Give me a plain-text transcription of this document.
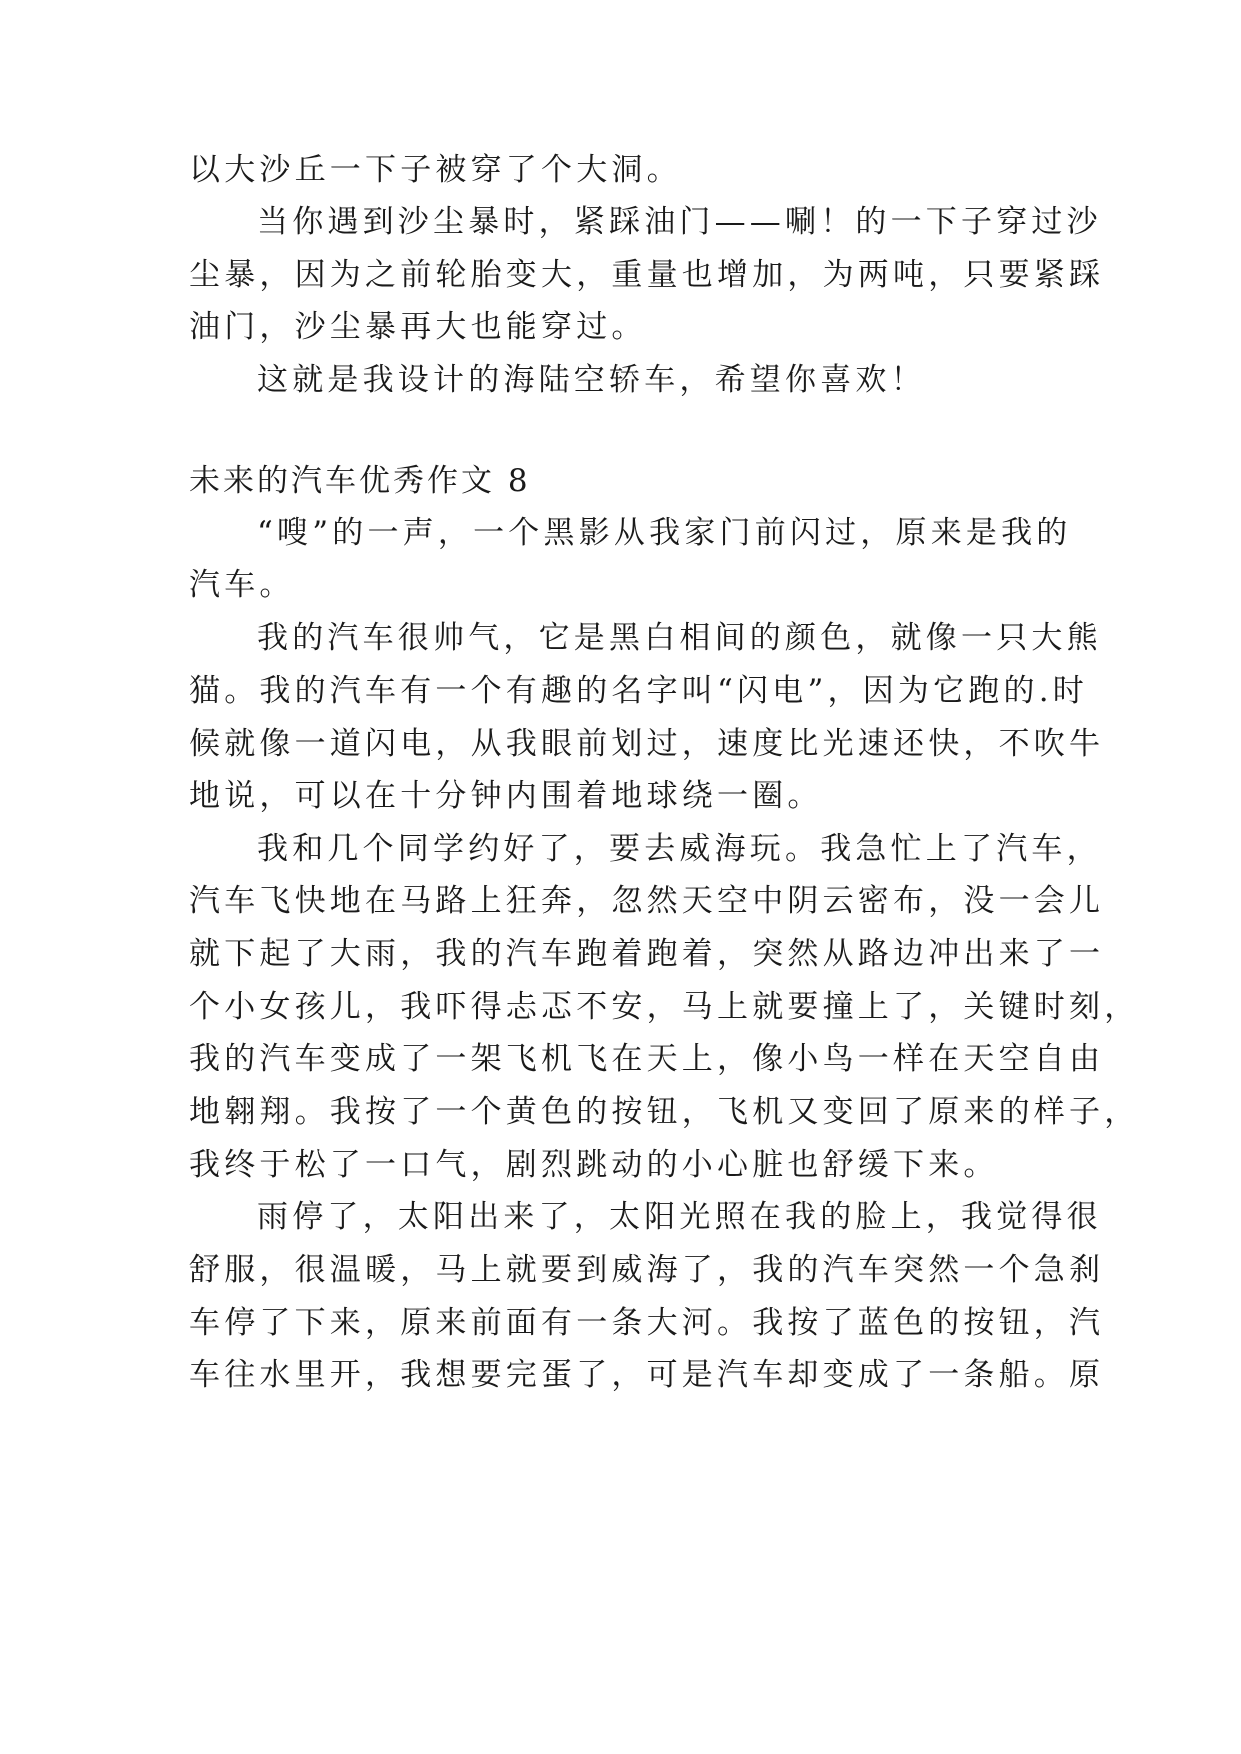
以大沙丘一下子被穿了个大洞。
当你遇到沙尘暴时，紧踩油门——唰！的一下子穿过沙
尘暴，因为之前轮胎变大，重量也增加，为两吨，只要紧踩
油门，沙尘暴再大也能穿过。
这就是我设计的海陆空轿车，希望你喜欢！
未来的汽车优秀作文 8
“嗖”的一声，一个黑影从我家门前闪过，原来是我的
汽车。
我的汽车很帅气，它是黑白相间的颜色，就像一只大熊
猫。我的汽车有一个有趣的名字叫“闪电”，因为它跑的.时
候就像一道闪电，从我眼前划过，速度比光速还快，不吹牛
地说，可以在十分钟内围着地球绕一圈。
我和几个同学约好了，要去威海玩。我急忙上了汽车，
汽车飞快地在马路上狂奔，忽然天空中阴云密布，没一会儿
就下起了大雨，我的汽车跑着跑着，突然从路边冲出来了一
个小女孩儿，我吓得忐忑不安，马上就要撞上了，关键时刻，
我的汽车变成了一架飞机飞在天上，像小鸟一样在天空自由
地翱翔。我按了一个黄色的按钮，飞机又变回了原来的样子，
我终于松了一口气，剧烈跳动的小心脏也舒缓下来。
雨停了，太阳出来了，太阳光照在我的脸上，我觉得很
舒服，很温暖，马上就要到威海了，我的汽车突然一个急刹
车停了下来，原来前面有一条大河。我按了蓝色的按钮，汽
车往水里开，我想要完蛋了，可是汽车却变成了一条船。原
